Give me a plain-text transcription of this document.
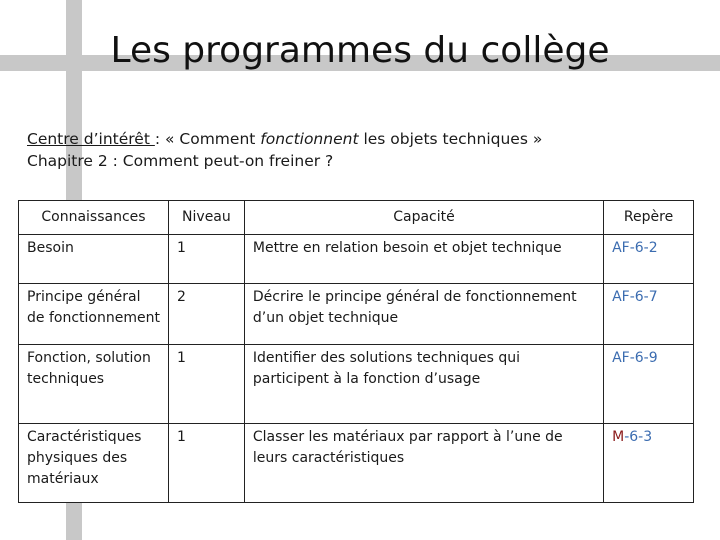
Les programmes du collège
Centre d’intérêt : « Comment fonctionnent les objets techniques »
Chapitre 2 : Comment peut-on freiner ?
Connaissances	Niveau	Capacité	Repère
Besoin	1	Mettre en relation besoin et objet technique	AF-6-2
Principe général de fonctionnement	2	Décrire le principe général de fonctionnement d’un objet technique	AF-6-7
Fonction, solution techniques	1	Identifier des solutions techniques qui participent à la fonction d’usage	AF-6-9
Caractéristiques physiques des matériaux	1	Classer les matériaux par rapport à l’une de leurs caractéristiques	M-6-3
